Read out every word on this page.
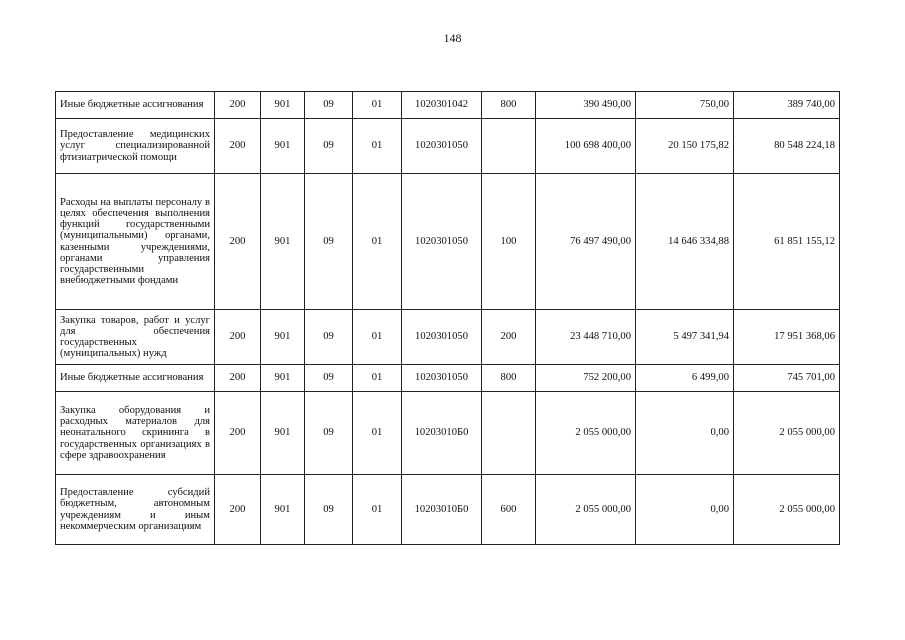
148
Иные бюджетные ассигнования	200	901	09	01	1020301042	800	390 490,00	750,00	389 740,00
Предоставление медицинских услуг специализированной фтизиатрической помощи	200	901	09	01	1020301050		100 698 400,00	20 150 175,82	80 548 224,18
Расходы на выплаты персоналу в целях обеспечения выполнения функций государственными (муниципальными) органами, казенными учреждениями, органами управления государственными внебюджетными фондами	200	901	09	01	1020301050	100	76 497 490,00	14 646 334,88	61 851 155,12
Закупка товаров, работ и услуг для обеспечения государственных (муниципальных) нужд	200	901	09	01	1020301050	200	23 448 710,00	5 497 341,94	17 951 368,06
Иные бюджетные ассигнования	200	901	09	01	1020301050	800	752 200,00	6 499,00	745 701,00
Закупка оборудования и расходных материалов для неонатального скрининга в государственных организациях в сфере здравоохранения	200	901	09	01	10203010Б0		2 055 000,00	0,00	2 055 000,00
Предоставление субсидий бюджетным, автономным учреждениям и иным некоммерческим организациям	200	901	09	01	10203010Б0	600	2 055 000,00	0,00	2 055 000,00
